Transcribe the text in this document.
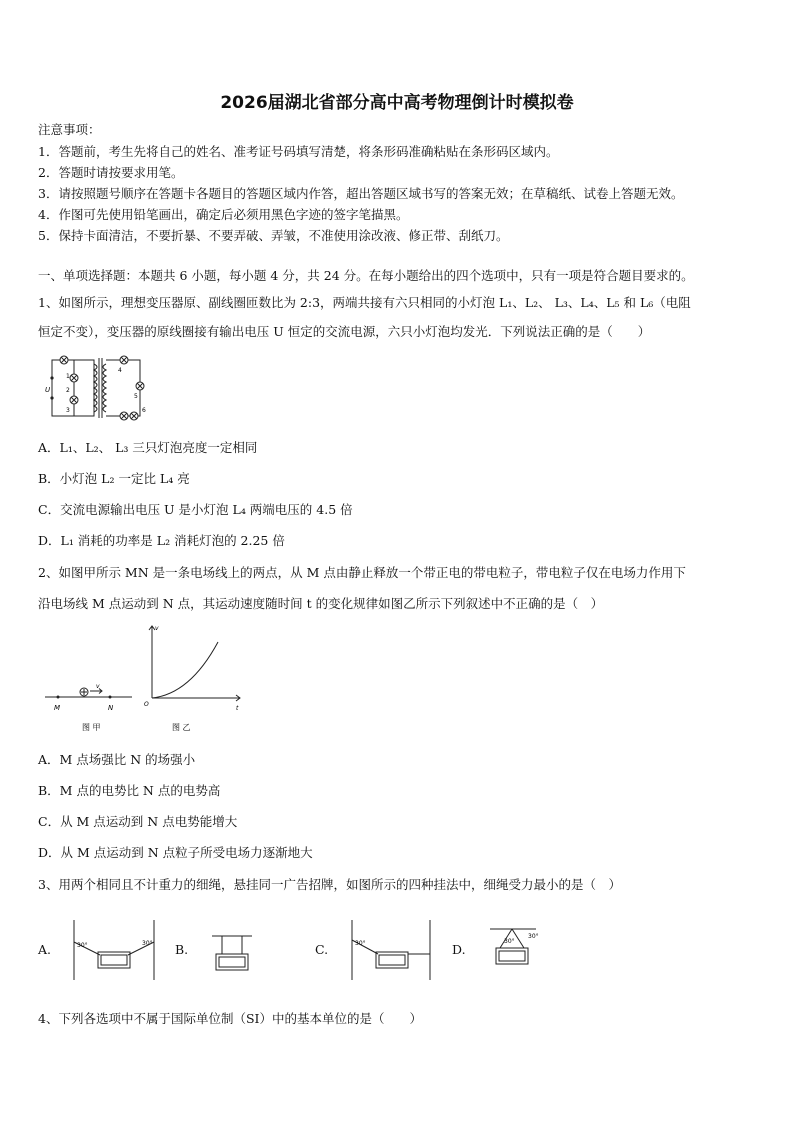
2026届湖北省部分高中高考物理倒计时模拟卷
注意事项：
1．答题前，考生先将自己的姓名、准考证号码填写清楚，将条形码准确粘贴在条形码区域内。
2．答题时请按要求用笔。
3．请按照题号顺序在答题卡各题目的答题区域内作答，超出答题区域书写的答案无效；在草稿纸、试卷上答题无效。
4．作图可先使用铅笔画出，确定后必须用黑色字迹的签字笔描黑。
5．保持卡面清洁，不要折暴、不要弄破、弄皱，不准使用涂改液、修正带、刮纸刀。
一、单项选择题：本题共 6 小题，每小题 4 分，共 24 分。在每小题给出的四个选项中，只有一项是符合题目要求的。
1、如图所示，理想变压器原、副线圈匝数比为 2:3，两端共接有六只相同的小灯泡 L₁、L₂、 L₃、L₄、L₅ 和 L₆（电阻
恒定不变），变压器的原线圈接有输出电压 U 恒定的交流电源，六只小灯泡均发光．下列说法正确的是（　　）
U
1
2
3
4
5
6
A．L₁、L₂、 L₃ 三只灯泡亮度一定相同
B．小灯泡 L₂ 一定比 L₄ 亮
C．交流电源输出电压 U 是小灯泡 L₄ 两端电压的 4.5 倍
D．L₁ 消耗的功率是 L₂ 消耗灯泡的 2.25 倍
2、如图甲所示 MN 是一条电场线上的两点，从 M 点由静止释放一个带正电的带电粒子，带电粒子仅在电场力作用下
沿电场线 M 点运动到 N 点，其运动速度随时间 t 的变化规律如图乙所示下列叙述中不正确的是（　）
M	N
v
v
t
O
图 甲	图 乙
A．M 点场强比 N 的场强小
B．M 点的电势比 N 点的电势高
C．从 M 点运动到 N 点电势能增大
D．从 M 点运动到 N 点粒子所受电场力逐渐地大
3、用两个相同且不计重力的细绳，悬挂同一广告招牌，如图所示的四种挂法中，细绳受力最小的是（　）
A.	30°	30° B.	C.	30°	D.
30°
30°
4、下列各选项中不属于国际单位制（SI）中的基本单位的是（　　）
